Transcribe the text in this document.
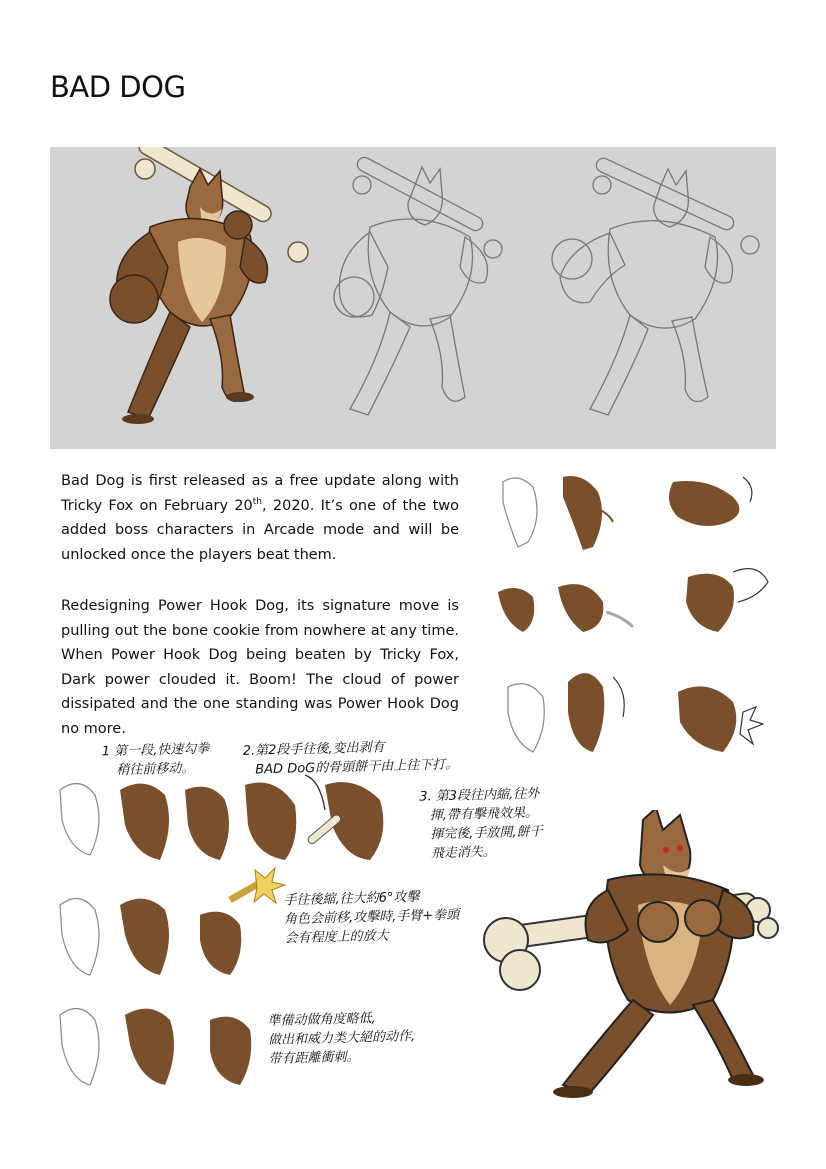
BAD DOG
Bad Dog is first released as a free update along with Tricky Fox on February 20th, 2020. It’s one of the two added boss characters in Arcade mode and will be unlocked once the players beat them.
Redesigning Power Hook Dog, its signature move is pulling out the bone cookie from nowhere at any time. When Power Hook Dog being beaten by Tricky Fox, Dark power clouded it. Boom! The cloud of power dissipated and the one standing was Power Hook Dog no more.
1 第一段,快速勾拳
稍往前移动。
2.第2段手往後,变出剥有
BAD DoG的骨頭餅干由上往下打。
3. 第3段往内縮,往外
揮,帶有擊飛效果。
揮完後,手放開,餅干
飛走消失。
手往後縮,往大約6°攻擊
角色会前移,攻擊時,手臂+拳頭
会有程度上的放大
準備动做角度略低,
做出和威力类大絕的动作,
带有距離衝刺。
